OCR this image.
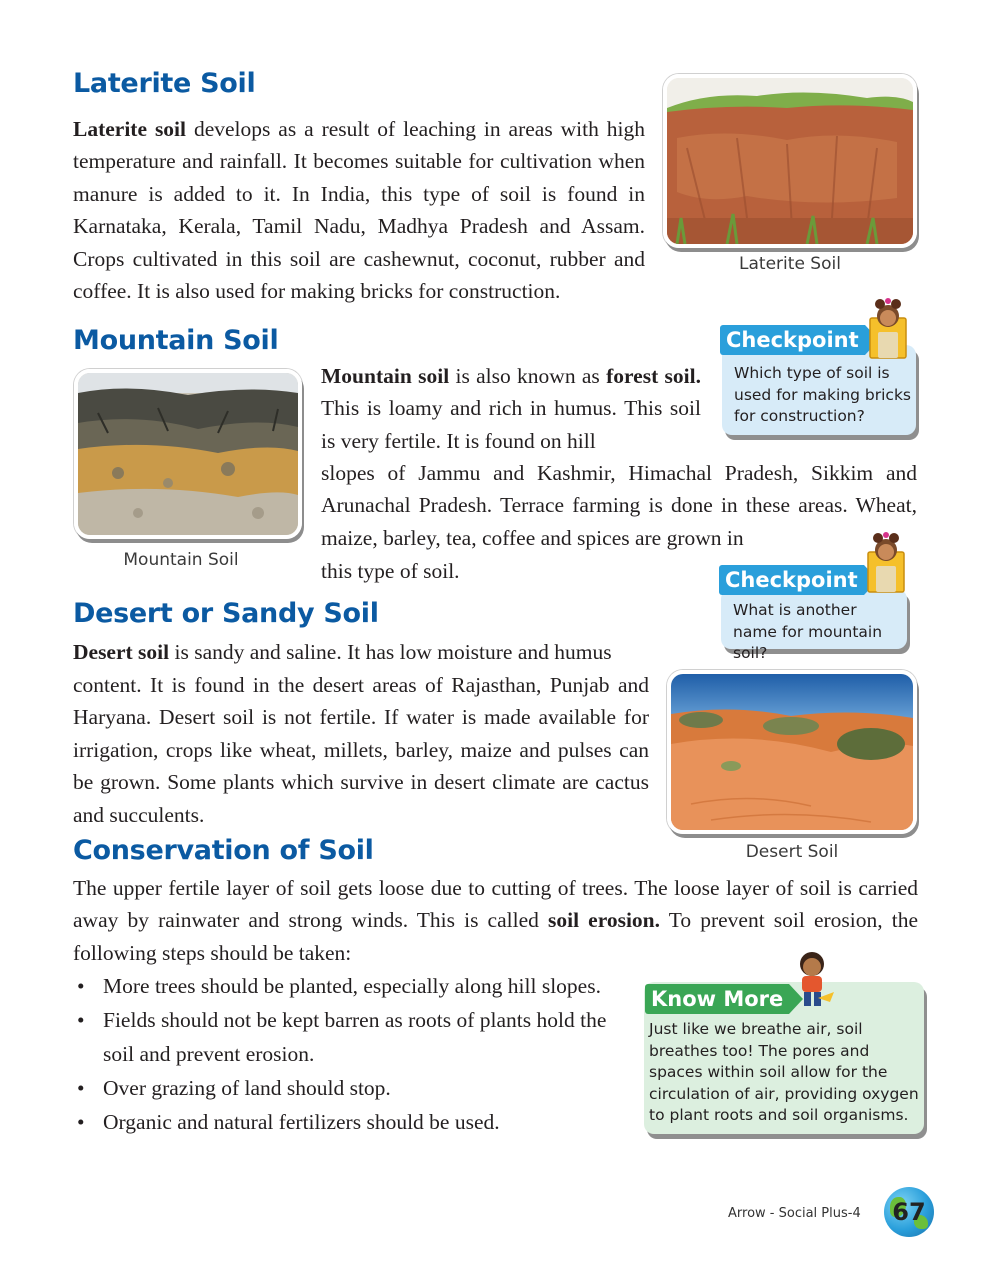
Laterite Soil

Laterite soil develops as a result of leaching in areas with high temperature and rainfall. It becomes suitable for cultivation when manure is added to it. In India, this type of soil is found in Karnataka, Kerala, Tamil Nadu, Madhya Pradesh and Assam. Crops cultivated in this soil are cashewnut, coconut, rubber and coffee. It is also used for making bricks for construction.

Laterite Soil
Mountain Soil
Mountain Soil

Mountain soil is also known as forest soil. This is loamy and rich in humus. This soil is very fertile. It is found on hill

slopes of Jammu and Kashmir, Himachal Pradesh, Sikkim and Arunachal Pradesh. Terrace farming is done in these areas. Wheat, maize, barley, tea, coffee and spices are grown in

this type of soil.

Which type of soil is used for making bricks for construction?
Checkpoint
What is another name for mountain soil?
Checkpoint
Desert or Sandy Soil

Desert soil is sandy and saline. It has low moisture and humus

content. It is found in the desert areas of Rajasthan, Punjab and Haryana. Desert soil is not fertile. If water is made available for irrigation, crops like wheat, millets, barley, maize and pulses can be grown. Some plants which survive in desert climate are cactus and succulents.

Desert Soil
Conservation of Soil

The upper fertile layer of soil gets loose due to cutting of trees. The loose layer of soil is carried away by rainwater and strong winds. This is called soil erosion. To prevent soil erosion, the following steps should be taken:

• More trees should be planted, especially along hill slopes.
• Fields should not be kept barren as roots of plants hold the soil and prevent erosion.
• Over grazing of land should stop.
• Organic and natural fertilizers should be used.
Just like we breathe air, soil breathes too! The pores and spaces within soil allow for the circulation of air, providing oxygen to plant roots and soil organisms.
Know More
Arrow - Social Plus-4	67
